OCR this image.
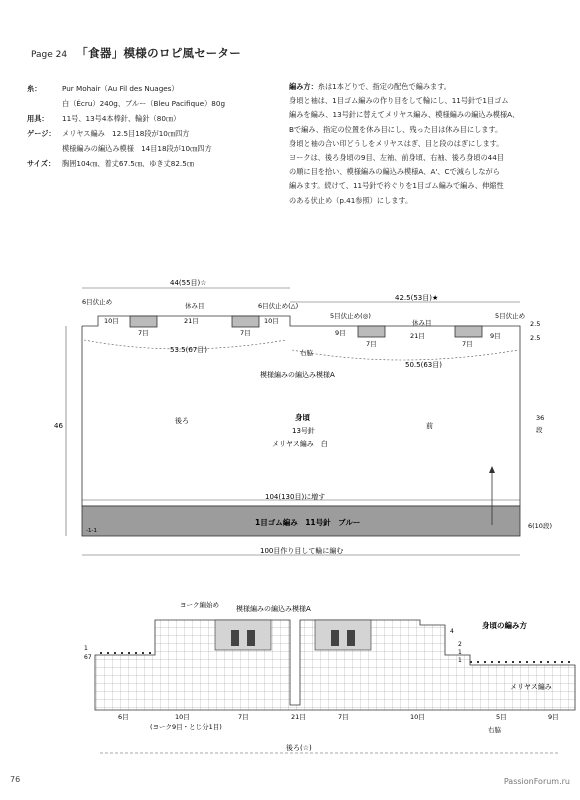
Page 24 「食器」模様のロピ風セーター
糸：	Pur Mohair（Au Fil des Nuages）
白（Écru）240g、ブルー（Bleu Pacifique）80g
用具：	11号、13号4本棒針、輪針（80㎝）
ゲージ： メリヤス編み　12.5目18段が10㎝四方
模様編みの編込み模様　14目18段が10㎝四方
サイズ： 胸囲104㎝、着丈67.5㎝、ゆき丈82.5㎝

編み方：糸は1本どりで、指定の配色で編みます。

身頃と袖は、1目ゴム編みの作り目をして輪にし、11号針で1目ゴム

編みを編み、13号針に替えてメリヤス編み、模様編みの編込み模様A、

Bで編み、指定の位置を休み目にし、残った目は休み目にします。

身頃と袖の合い印どうしをメリヤスはぎ、目と段のはぎにします。

ヨークは、後ろ身頃の9目、左袖、前身頃、右袖、後ろ身頃の44目

の順に目を拾い、模様編みの編込み模様A、A'、Cで減らしながら

編みます。続けて、11号針で衿ぐりを1目ゴム編みで編み、伸縮性

のある伏止め（p.41参照）にします。

44(55目)☆
42.5(53目)★
6目伏止め	6目伏止め(△)
5目伏止め(◎)	5目伏止め
休み目
休み目
10目
7目
21目
7目
10目
9目
7目
21目
7目
9目
2.5
2.5
53.5(67目)	右脇
50.5(63目)
模様編みの編込み模様A
後ろ
前
身頃
13号針
メリヤス編み　白
46
36
段
104(130目)に増す
1目ゴム編み　11号針　ブルー	6(10段)
100目作り目して輪に編む
-1-1
身頃の編み方
ヨーク編始め 模様編みの編込み模様A
メリヤス編み
1
67
4
2
1
1
6目	10目	7目	21目	7目	10目	5目	9目
(ヨーク9目・とじ分1目)	右脇
後ろ(☆)
76	PassionForum.ru
